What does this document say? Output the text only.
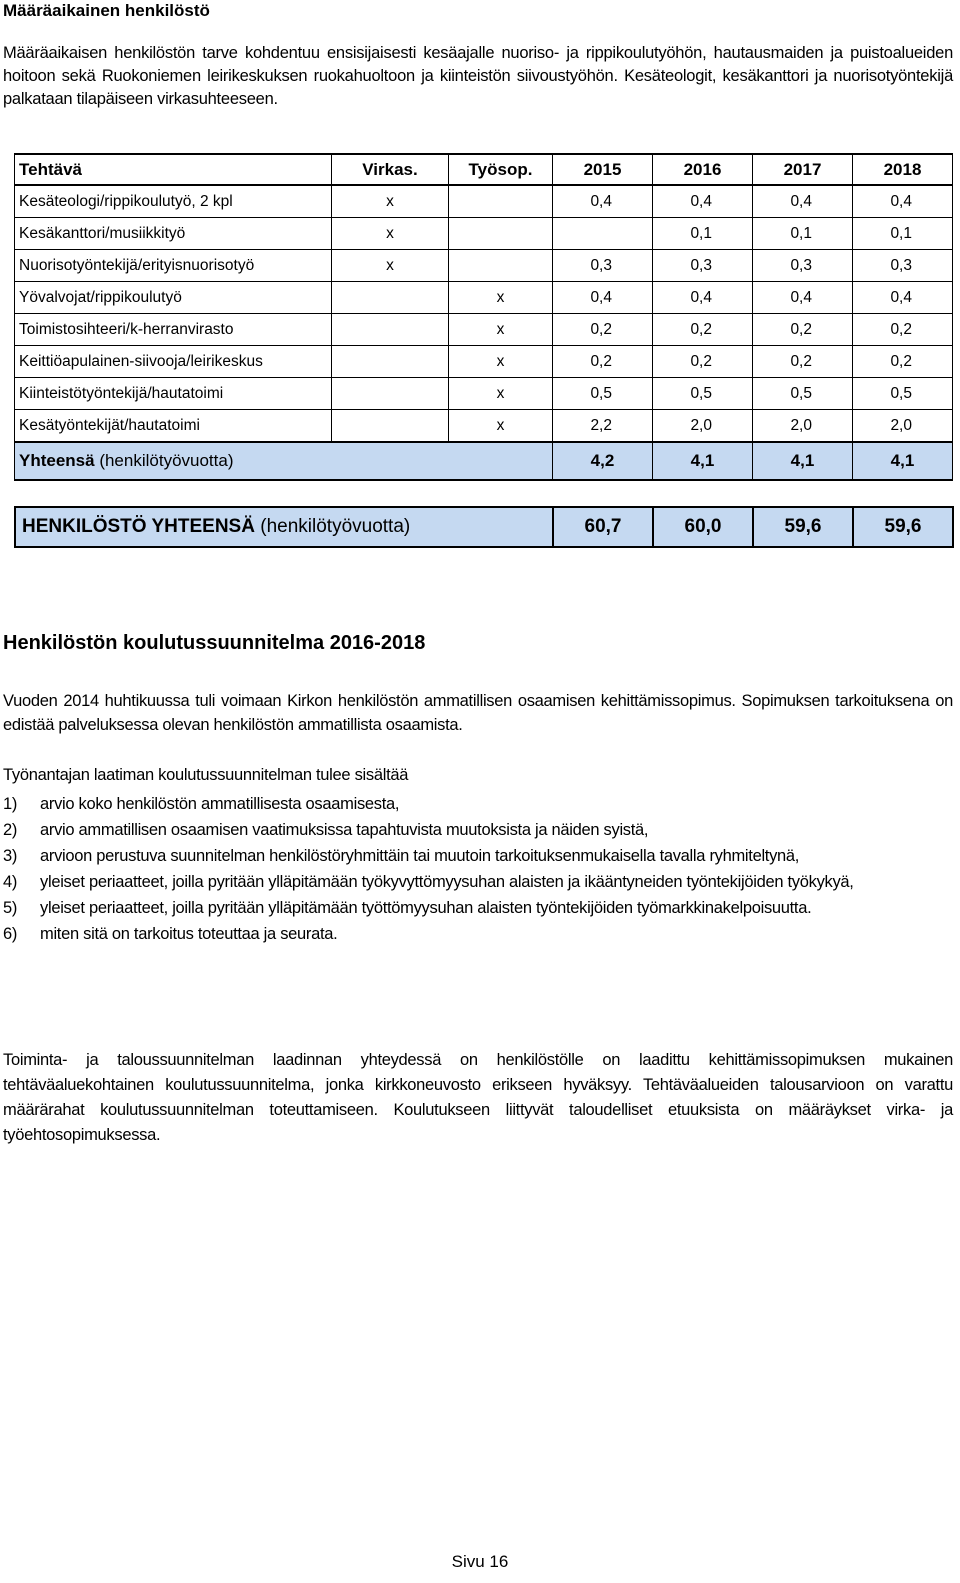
Määräaikainen henkilöstö
Määräaikaisen henkilöstön tarve kohdentuu ensisijaisesti kesäajalle nuoriso- ja rippikoulutyöhön, hautausmaiden ja puistoalueiden hoitoon sekä Ruokoniemen leirikeskuksen ruokahuoltoon ja kiinteistön siivoustyöhön. Kesäteologit, kesäkanttori ja nuorisotyöntekijä palkataan tilapäiseen virkasuhteeseen.
Tehtävä	Virkas.	Työsop.	2015	2016	2017	2018
Kesäteologi/rippikoulutyö, 2 kpl	x		0,4	0,4	0,4	0,4
Kesäkanttori/musiikkityö	x			0,1	0,1	0,1
Nuorisotyöntekijä/erityisnuorisotyö	x		0,3	0,3	0,3	0,3
Yövalvojat/rippikoulutyö		x	0,4	0,4	0,4	0,4
Toimistosihteeri/k-herranvirasto		x	0,2	0,2	0,2	0,2
Keittiöapulainen-siivooja/leirikeskus		x	0,2	0,2	0,2	0,2
Kiinteistötyöntekijä/hautatoimi		x	0,5	0,5	0,5	0,5
Kesätyöntekijät/hautatoimi		x	2,2	2,0	2,0	2,0
Yhteensä (henkilötyövuotta)			4,2	4,1	4,1	4,1
HENKILÖSTÖ YHTEENSÄ (henkilötyövuotta)	60,7	60,0	59,6	59,6
Henkilöstön koulutussuunnitelma 2016-2018
Vuoden 2014 huhtikuussa tuli voimaan Kirkon henkilöstön ammatillisen osaamisen kehittämissopimus. Sopimuksen tarkoituksena on edistää palveluksessa olevan henkilöstön ammatillista osaamista.
Työnantajan laatiman koulutussuunnitelman tulee sisältää
1)	arvio koko henkilöstön ammatillisesta osaamisesta,
2)	arvio ammatillisen osaamisen vaatimuksissa tapahtuvista muutoksista ja näiden syistä,
3)	arvioon perustuva suunnitelman henkilöstöryhmittäin tai muutoin tarkoituksenmukaisella tavalla ryhmiteltynä,
4)	yleiset periaatteet, joilla pyritään ylläpitämään työkyvyttömyysuhan alaisten ja ikääntyneiden työntekijöiden työkykyä,
5)	yleiset periaatteet, joilla pyritään ylläpitämään työttömyysuhan alaisten työntekijöiden työmarkkinakelpoisuutta.
6)	miten sitä on tarkoitus toteuttaa ja seurata.
Toiminta- ja taloussuunnitelman laadinnan yhteydessä on henkilöstölle on laadittu kehittämissopimuksen mukainen tehtäväaluekohtainen koulutussuunnitelma, jonka kirkkoneuvosto erikseen hyväksyy. Tehtäväalueiden talousarvioon on varattu määrärahat koulutussuunnitelman toteuttamiseen. Koulutukseen liittyvät taloudelliset etuuksista on määräykset virka- ja työehtosopimuksessa.
Sivu 16
